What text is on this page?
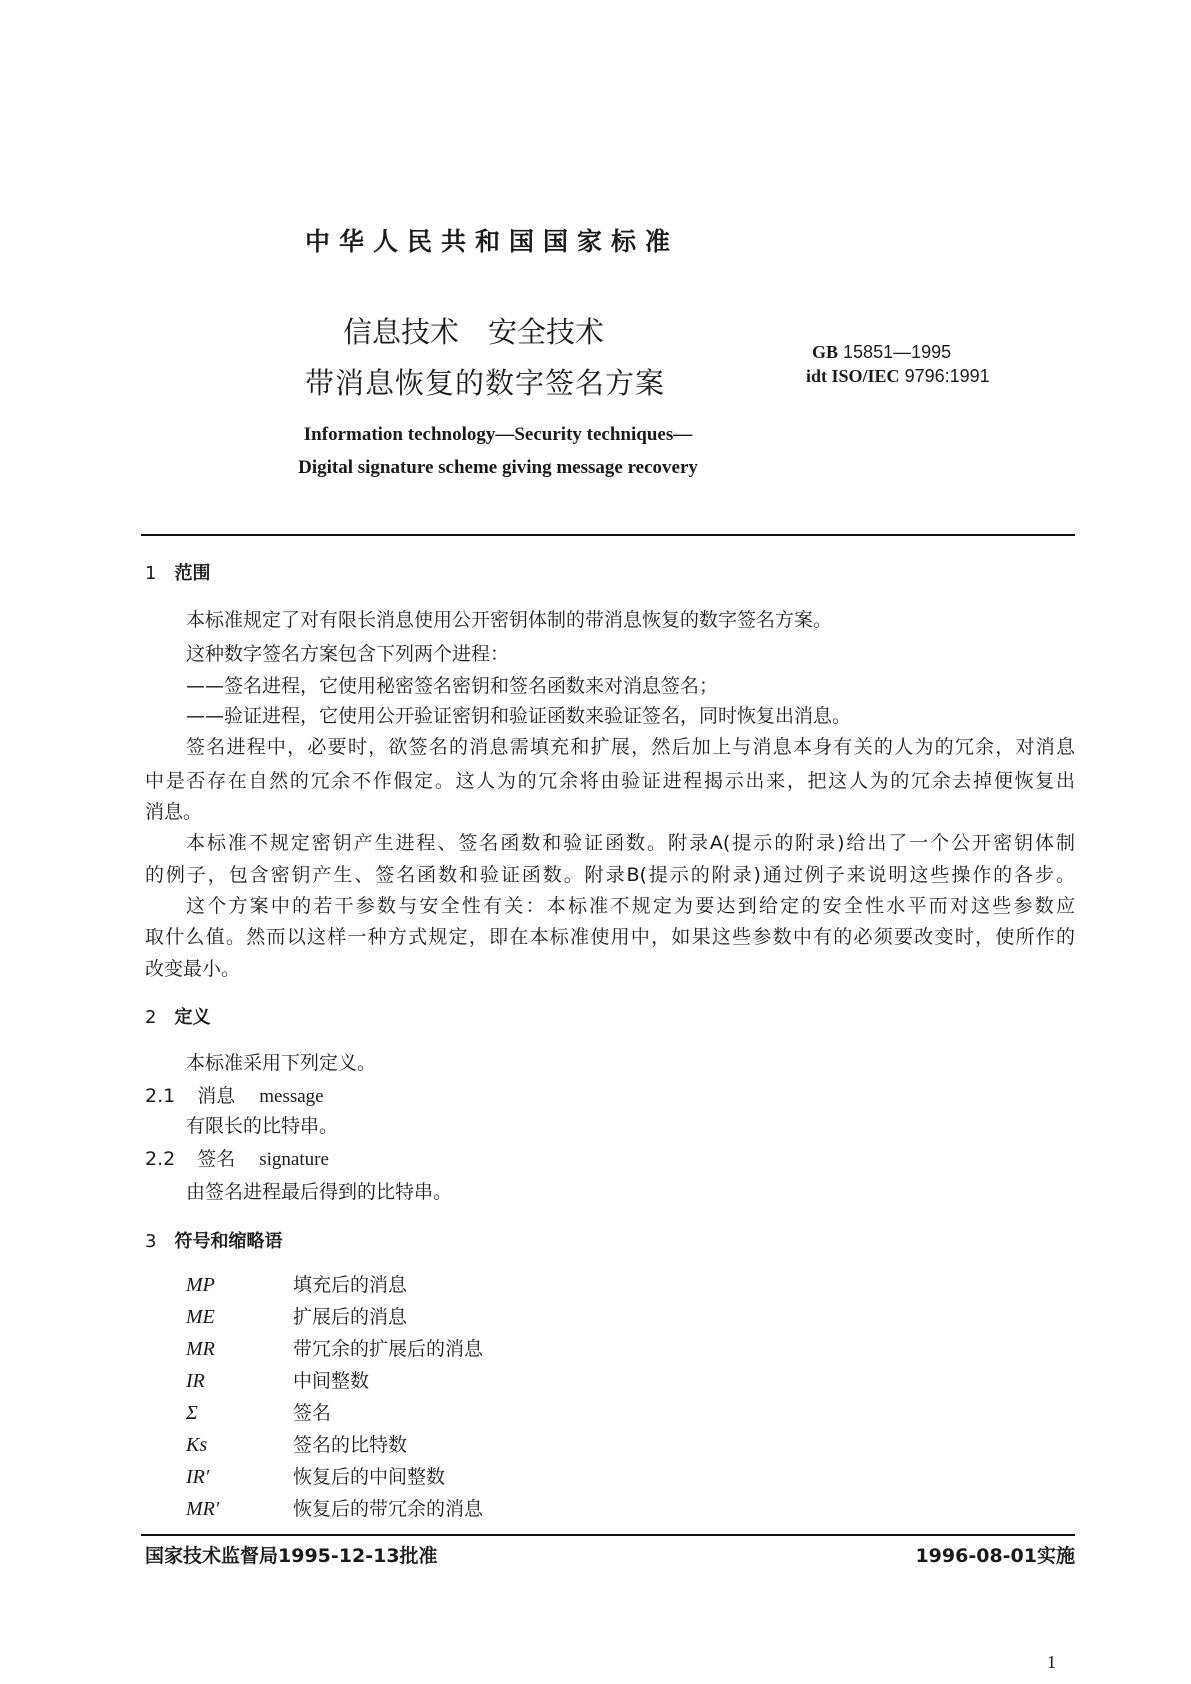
中华人民共和国国家标准
信息技术　安全技术
带消息恢复的数字签名方案
GB 15851—1995
idt ISO/IEC 9796:1991
Information technology—Security techniques—
Digital signature scheme giving message recovery
1 范围
本标准规定了对有限长消息使用公开密钥体制的带消息恢复的数字签名方案。
这种数字签名方案包含下列两个进程：
——签名进程，它使用秘密签名密钥和签名函数来对消息签名；
——验证进程，它使用公开验证密钥和验证函数来验证签名，同时恢复出消息。
签名进程中，必要时，欲签名的消息需填充和扩展，然后加上与消息本身有关的人为的冗余，对消息
中是否存在自然的冗余不作假定。这人为的冗余将由验证进程揭示出来，把这人为的冗余去掉便恢复出
消息。
本标准不规定密钥产生进程、签名函数和验证函数。附录A(提示的附录)给出了一个公开密钥体制
的例子，包含密钥产生、签名函数和验证函数。附录B(提示的附录)通过例子来说明这些操作的各步。
这个方案中的若干参数与安全性有关：本标准不规定为要达到给定的安全性水平而对这些参数应
取什么值。然而以这样一种方式规定，即在本标准使用中，如果这些参数中有的必须要改变时，使所作的
改变最小。
2 定义
本标准采用下列定义。
2.1 消息 message
有限长的比特串。
2.2 签名 signature
由签名进程最后得到的比特串。
3 符号和缩略语
MP	填充后的消息
ME	扩展后的消息
MR	带冗余的扩展后的消息
IR	中间整数
Σ	签名
Ks	签名的比特数
IR′	恢复后的中间整数
MR′	恢复后的带冗余的消息
国家技术监督局1995-12-13批准	1996-08-01实施
1
